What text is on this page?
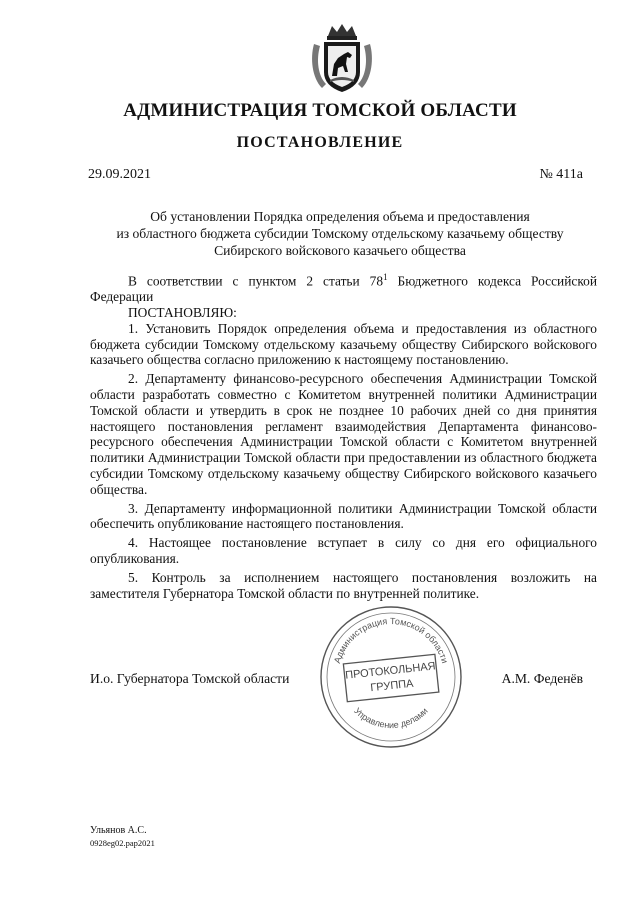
АДМИНИСТРАЦИЯ ТОМСКОЙ ОБЛАСТИ
ПОСТАНОВЛЕНИЕ
29.09.2021	№ 411а
Об установлении Порядка определения объема и предоставления
из областного бюджета субсидии Томскому отдельскому казачьему обществу
Сибирского войскового казачьего общества

В соответствии с пунктом 2 статьи $78^1$ Бюджетного кодекса Российской Федерации

ПОСТАНОВЛЯЮ:

1. Установить Порядок определения объема и предоставления из областного бюджета субсидии Томскому отдельскому казачьему обществу Сибирского войскового казачьего общества согласно приложению к настоящему постановлению.

2. Департаменту финансово-ресурсного обеспечения Администрации Томской области разработать совместно с Комитетом внутренней политики Администрации Томской области и утвердить в срок не позднее 10 рабочих дней со дня принятия настоящего постановления регламент взаимодействия Департамента финансово-ресурсного обеспечения Администрации Томской области с Комитетом внутренней политики Администрации Томской области при предоставлении из областного бюджета субсидии Томскому отдельскому казачьему обществу Сибирского войскового казачьего общества.

3. Департаменту информационной политики Администрации Томской области обеспечить опубликование настоящего постановления.

4. Настоящее постановление вступает в силу со дня его официального опубликования.

5. Контроль за исполнением настоящего постановления возложить на заместителя Губернатора Томской области по внутренней политике.

И.о. Губернатора Томской области	А.М. Феденёв
Администрация Томской области
Управление делами
ПРОТОКОЛЬНАЯ
ГРУППА
Ульянов А.С.
0928eg02.pap2021
